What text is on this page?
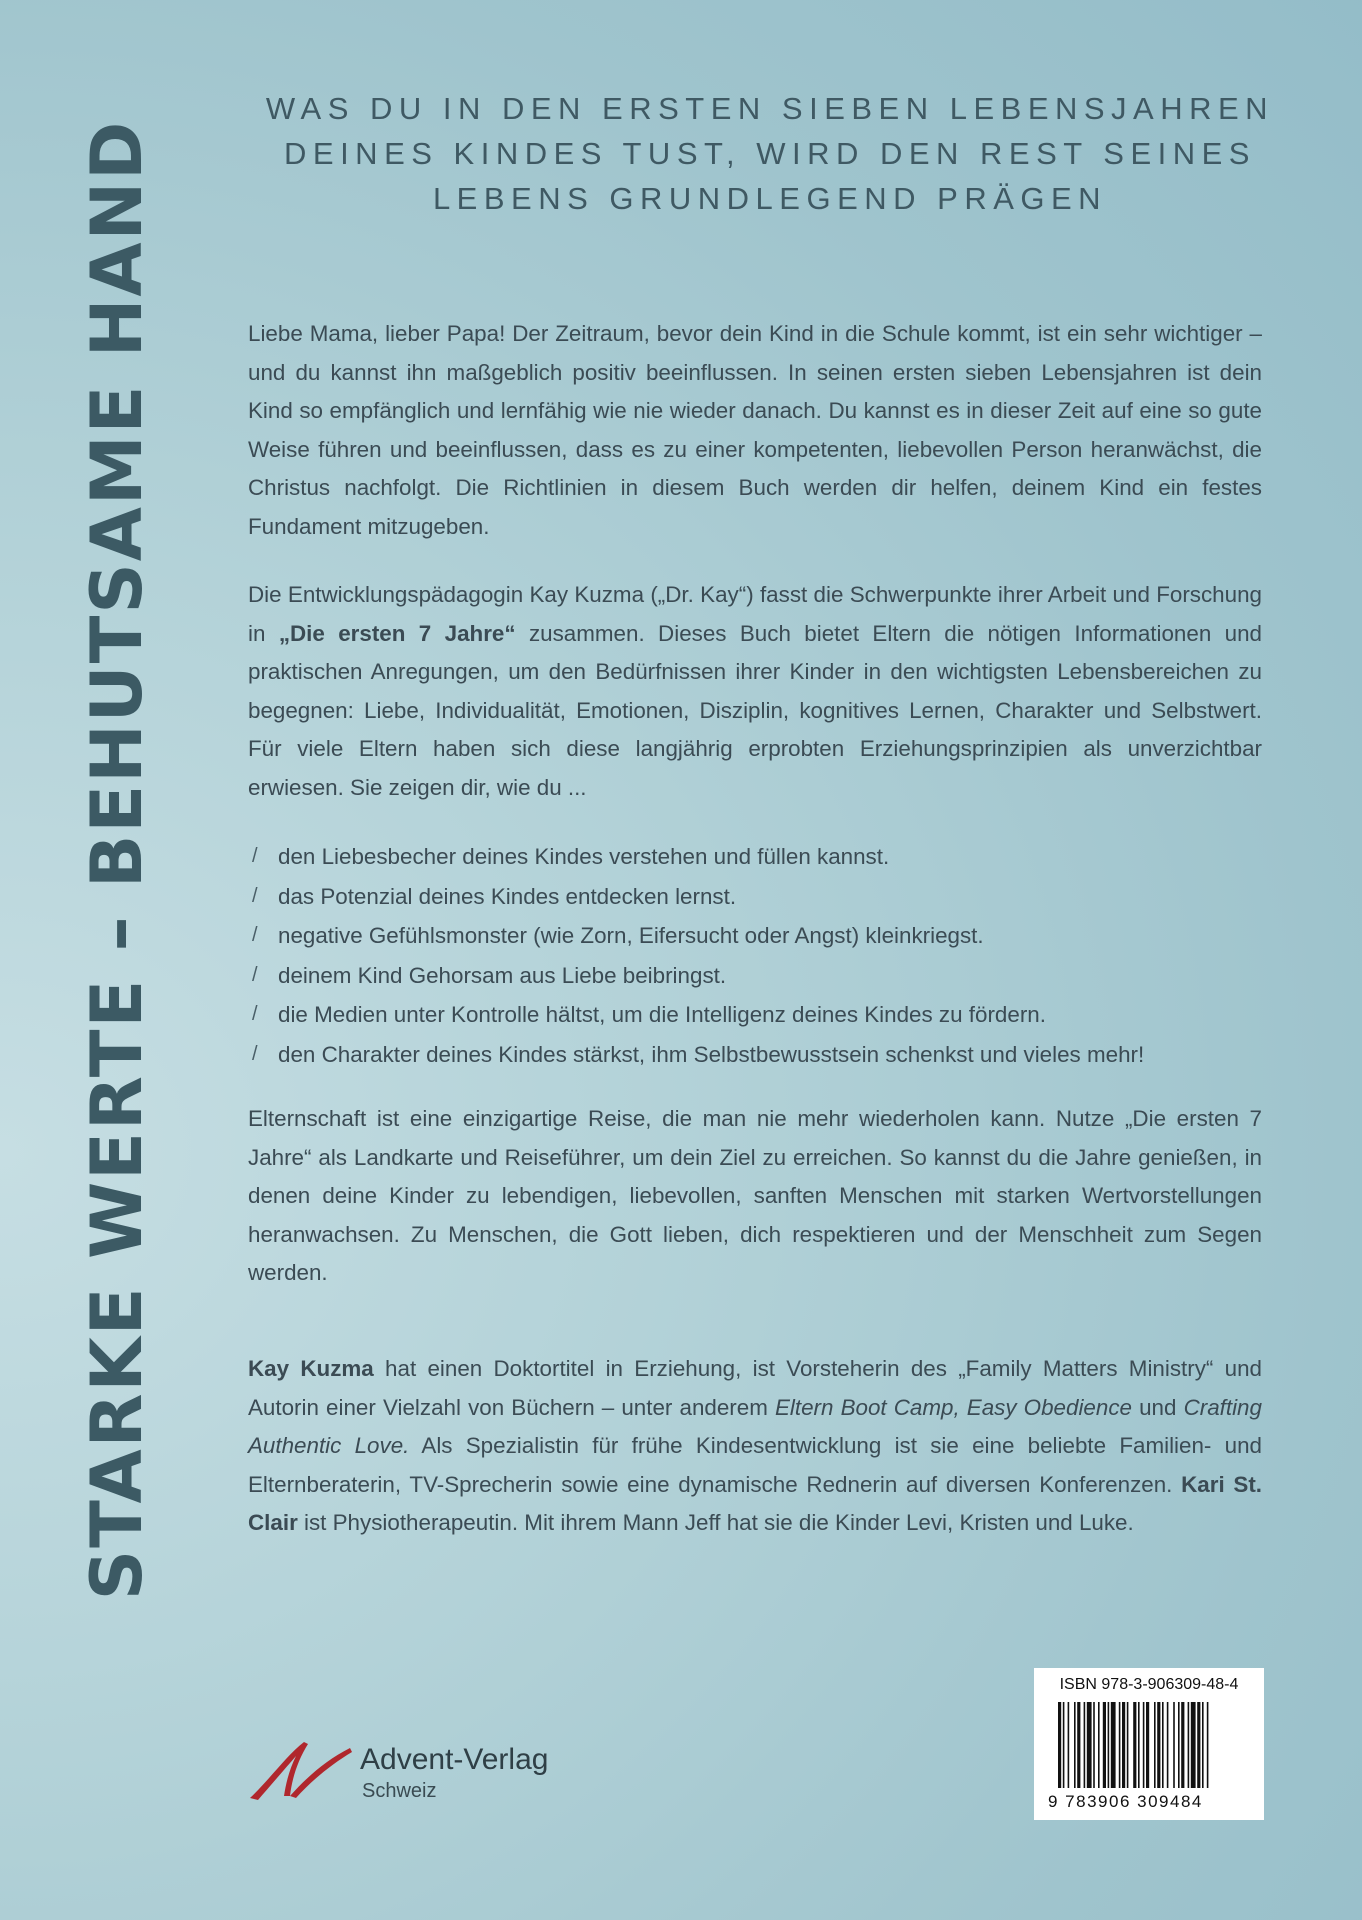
STARKE WERTE – BEHUTSAME HAND
WAS DU IN DEN ERSTEN SIEBEN LEBENSJAHREN
DEINES KINDES TUST, WIRD DEN REST SEINES
LEBENS GRUNDLEGEND PRÄGEN
Liebe Mama, lieber Papa! Der Zeitraum, bevor dein Kind in die Schule kommt, ist ein sehr wichtiger – und du kannst ihn maßgeblich positiv beeinflussen. In seinen ersten sieben Lebensjahren ist dein Kind so empfänglich und lernfähig wie nie wieder danach. Du kannst es in dieser Zeit auf eine so gute Weise führen und beeinflussen, dass es zu einer kompetenten, liebevollen Person heranwächst, die Christus nachfolgt. Die Richtlinien in diesem Buch werden dir helfen, deinem Kind ein festes Fundament mitzugeben.
Die Entwicklungspädagogin Kay Kuzma („Dr. Kay“) fasst die Schwerpunkte ihrer Arbeit und Forschung in „Die ersten 7 Jahre“ zusammen. Dieses Buch bietet Eltern die nötigen Informationen und praktischen Anregungen, um den Bedürfnissen ihrer Kinder in den wichtigsten Lebensbereichen zu begegnen: Liebe, Individualität, Emotionen, Disziplin, kognitives Lernen, Charakter und Selbstwert. Für viele Eltern haben sich diese langjährig erprobten Erziehungsprinzipien als unverzichtbar erwiesen. Sie zeigen dir, wie du ...
/ den Liebesbecher deines Kindes verstehen und füllen kannst.
/ das Potenzial deines Kindes entdecken lernst.
/ negative Gefühlsmonster (wie Zorn, Eifersucht oder Angst) kleinkriegst.
/ deinem Kind Gehorsam aus Liebe beibringst.
/ die Medien unter Kontrolle hältst, um die Intelligenz deines Kindes zu fördern.
/ den Charakter deines Kindes stärkst, ihm Selbstbewusstsein schenkst und vieles mehr!
Elternschaft ist eine einzigartige Reise, die man nie mehr wiederholen kann. Nutze „Die ersten 7 Jahre“ als Landkarte und Reiseführer, um dein Ziel zu erreichen. So kannst du die Jahre genießen, in denen deine Kinder zu lebendigen, liebevollen, sanften Menschen mit starken Wertvorstellungen heranwachsen. Zu Menschen, die Gott lieben, dich respektieren und der Menschheit zum Segen werden.
Kay Kuzma hat einen Doktortitel in Erziehung, ist Vorsteherin des „Family Matters Ministry“ und Autorin einer Vielzahl von Büchern – unter anderem Eltern Boot Camp, Easy Obedience und Crafting Authentic Love. Als Spezialistin für frühe Kindesentwicklung ist sie eine beliebte Familien- und Elternberaterin, TV-Sprecherin sowie eine dynamische Rednerin auf diversen Konferenzen. Kari St. Clair ist Physiotherapeutin. Mit ihrem Mann Jeff hat sie die Kinder Levi, Kristen und Luke.
Advent-Verlag
Schweiz
ISBN 978-3-906309-48-4
9 783906 309484
